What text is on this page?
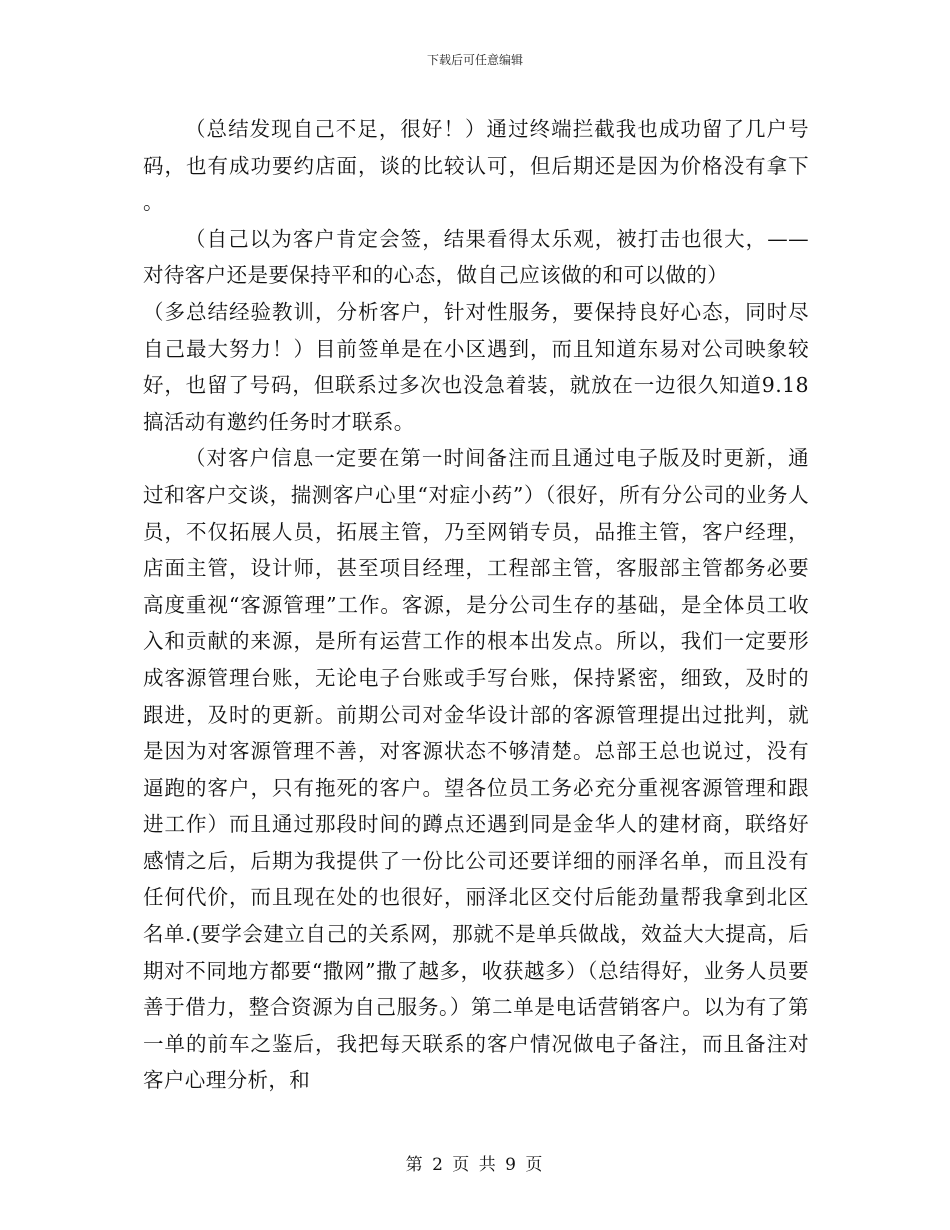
下载后可任意编辑

（总结发现自己不足，很好！）通过终端拦截我也成功留了几户号码，也有成功要约店面，谈的比较认可，但后期还是因为价格没有拿下。

（自己以为客户肯定会签，结果看得太乐观，被打击也很大，——对待客户还是要保持平和的心态，做自己应该做的和可以做的）

（多总结经验教训，分析客户，针对性服务，要保持良好心态，同时尽自己最大努力！）目前签单是在小区遇到，而且知道东易对公司映象较好，也留了号码，但联系过多次也没急着装，就放在一边很久知道9.18搞活动有邀约任务时才联系。

（对客户信息一定要在第一时间备注而且通过电子版及时更新，通过和客户交谈，揣测客户心里“对症小药”）（很好，所有分公司的业务人员，不仅拓展人员，拓展主管，乃至网销专员，品推主管，客户经理，店面主管，设计师，甚至项目经理，工程部主管，客服部主管都务必要高度重视“客源管理”工作。客源，是分公司生存的基础，是全体员工收入和贡献的来源，是所有运营工作的根本出发点。所以，我们一定要形成客源管理台账，无论电子台账或手写台账，保持紧密，细致，及时的跟进，及时的更新。前期公司对金华设计部的客源管理提出过批判，就是因为对客源管理不善，对客源状态不够清楚。总部王总也说过，没有逼跑的客户，只有拖死的客户。望各位员工务必充分重视客源管理和跟进工作）而且通过那段时间的蹲点还遇到同是金华人的建材商，联络好感情之后，后期为我提供了一份比公司还要详细的丽泽名单，而且没有任何代价，而且现在处的也很好，丽泽北区交付后能劲量帮我拿到北区名单.(要学会建立自己的关系网，那就不是单兵做战，效益大大提高，后期对不同地方都要“撒网”撒了越多，收获越多）（总结得好，业务人员要善于借力，整合资源为自己服务。）第二单是电话营销客户。以为有了第一单的前车之鉴后，我把每天联系的客户情况做电子备注，而且备注对客户心理分析，和

第 2 页 共 9 页
